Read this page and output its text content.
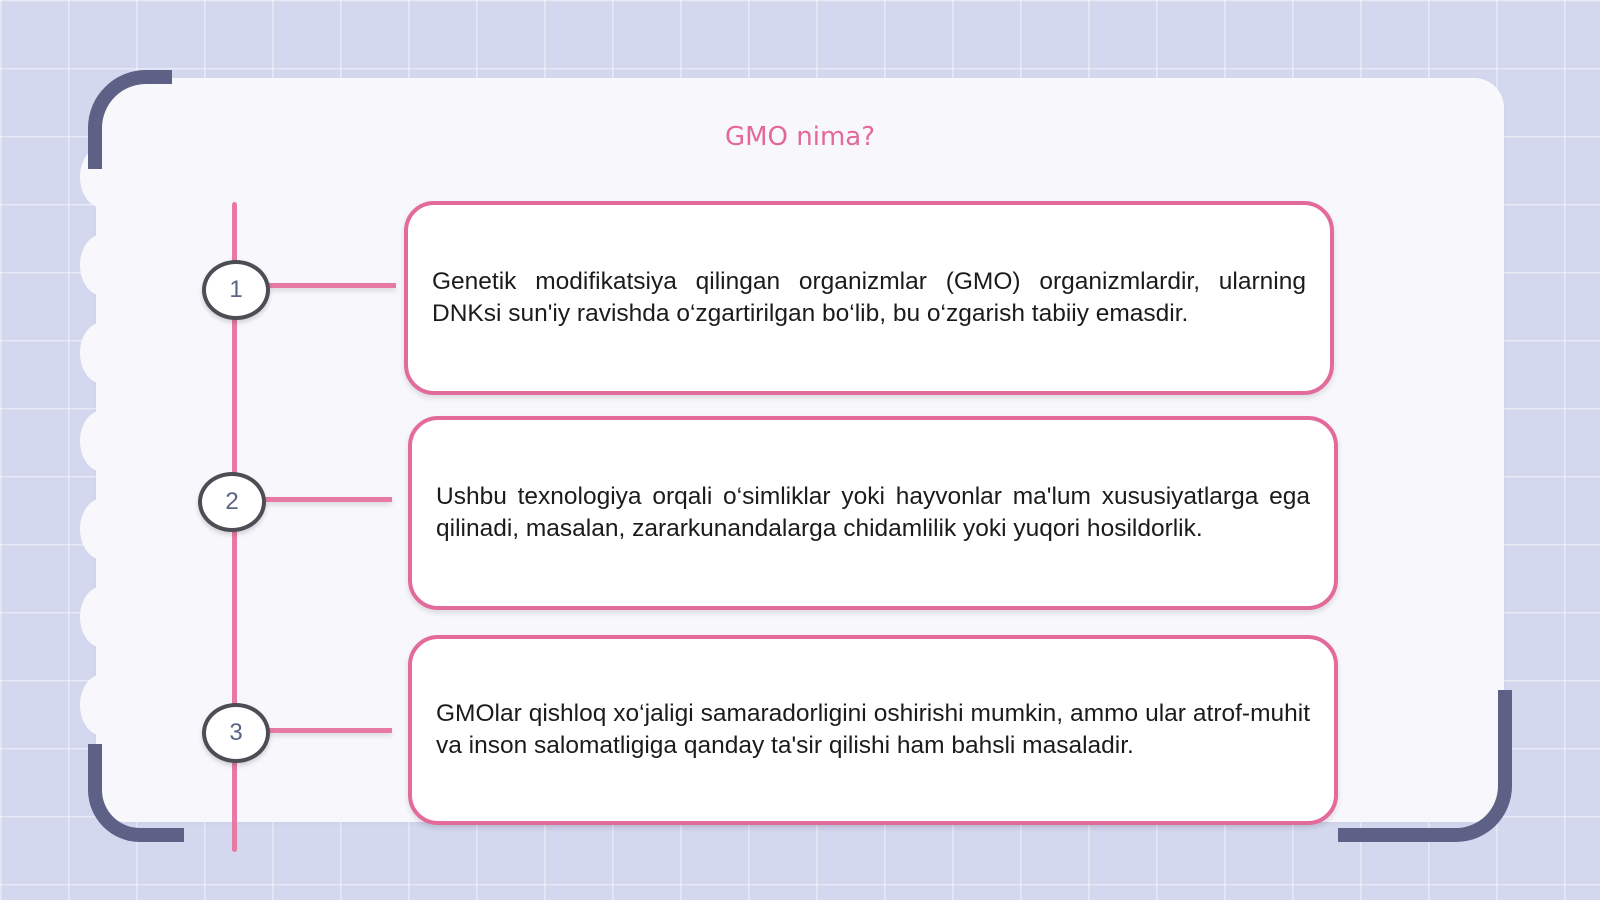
GMO nima?
1
2
3
Genetik modifikatsiya qilingan organizmlar (GMO) organizmlardir, ularning DNKsi sun'iy ravishda o‘zgartirilgan bo‘lib, bu o‘zgarish tabiiy emasdir.
Ushbu texnologiya orqali o‘simliklar yoki hayvonlar ma'lum xususiyatlarga ega qilinadi, masalan, zararkunandalarga chidamlilik yoki yuqori hosildorlik.
GMOlar qishloq xo‘jaligi samaradorligini oshirishi mumkin, ammo ular atrof-muhit va inson salomatligiga qanday ta'sir qilishi ham bahsli masaladir.
